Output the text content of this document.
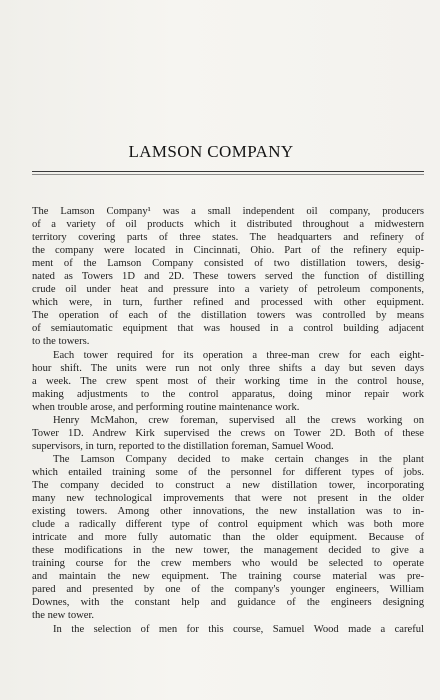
LAMSON COMPANY
The Lamson Company¹ was a small independent oil company, producers
of a variety of oil products which it distributed throughout a midwestern
territory covering parts of three states. The headquarters and refinery of
the company were located in Cincinnati, Ohio. Part of the refinery equip-
ment of the Lamson Company consisted of two distillation towers, desig-
nated as Towers 1D and 2D. These towers served the function of distilling
crude oil under heat and pressure into a variety of petroleum components,
which were, in turn, further refined and processed with other equipment.
The operation of each of the distillation towers was controlled by means
of semiautomatic equipment that was housed in a control building adjacent
to the towers.
Each tower required for its operation a three-man crew for each eight-
hour shift. The units were run not only three shifts a day but seven days
a week. The crew spent most of their working time in the control house,
making adjustments to the control apparatus, doing minor repair work
when trouble arose, and performing routine maintenance work.
Henry McMahon, crew foreman, supervised all the crews working on
Tower 1D. Andrew Kirk supervised the crews on Tower 2D. Both of these
supervisors, in turn, reported to the distillation foreman, Samuel Wood.
The Lamson Company decided to make certain changes in the plant
which entailed training some of the personnel for different types of jobs.
The company decided to construct a new distillation tower, incorporating
many new technological improvements that were not present in the older
existing towers. Among other innovations, the new installation was to in-
clude a radically different type of control equipment which was both more
intricate and more fully automatic than the older equipment. Because of
these modifications in the new tower, the management decided to give a
training course for the crew members who would be selected to operate
and maintain the new equipment. The training course material was pre-
pared and presented by one of the company's younger engineers, William
Downes, with the constant help and guidance of the engineers designing
the new tower.
In the selection of men for this course, Samuel Wood made a careful
